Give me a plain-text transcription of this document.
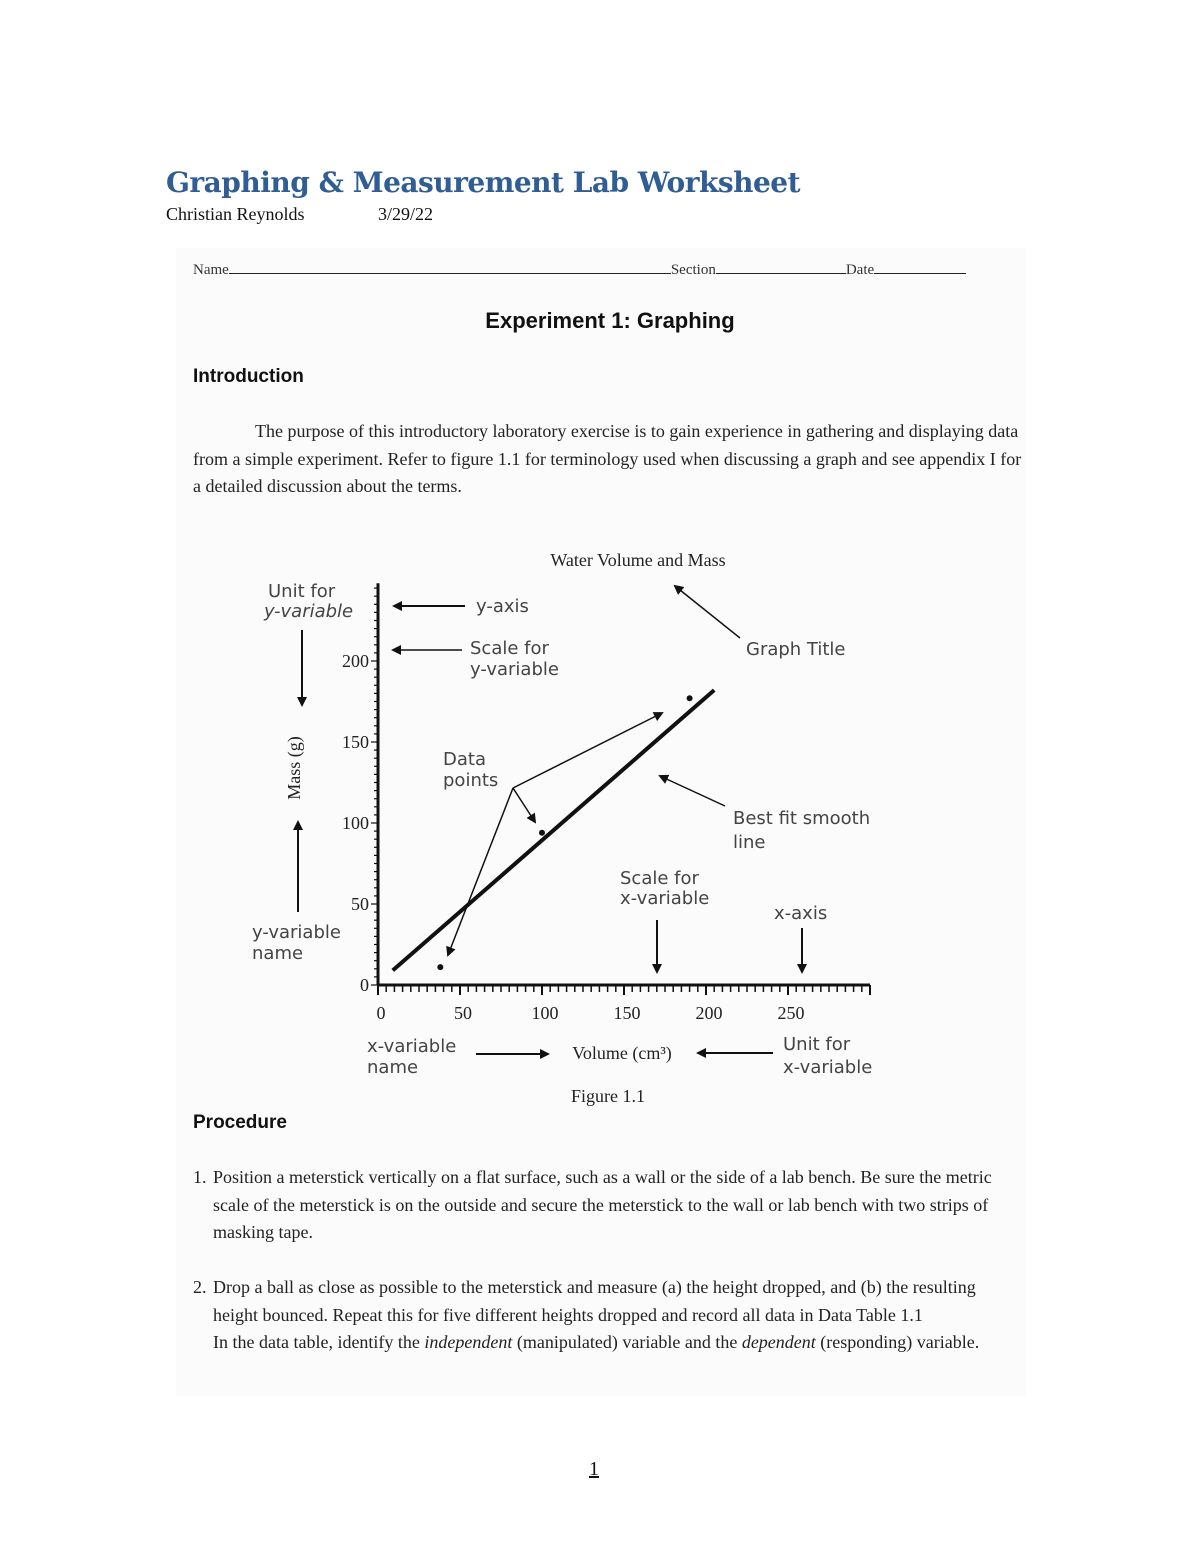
Graphing & Measurement Lab Worksheet
Christian Reynolds	3/29/22
Name	Section	Date
Experiment 1: Graphing
Introduction
The purpose of this introductory laboratory exercise is to gain experience in gathering and displaying data from a simple experiment. Refer to figure 1.1 for terminology used when discussing a graph and see appendix I for a detailed discussion about the terms.
Water Volume and Mass
0
50
100
150
200
0	50	100	150	200	250
Mass (g)
Volume (cm³)
Unit for
y-variable	y-axis
Scale for
y-variable
Graph Title
Data
points
Best fit smooth
line
Scale for
x-variable
x-axis
y-variable
name
x-variable
name
Unit for
x-variable
Figure 1.1
Procedure
1. Position a meterstick vertically on a flat surface, such as a wall or the side of a lab bench. Be sure the metric scale of the meterstick is on the outside and secure the meterstick to the wall or lab bench with two strips of masking tape.
2. Drop a ball as close as possible to the meterstick and measure (a) the height dropped, and (b) the resulting height bounced. Repeat this for five different heights dropped and record all data in Data Table 1.1In the data table, identify the independent (manipulated) variable and the dependent (responding) variable.
1
